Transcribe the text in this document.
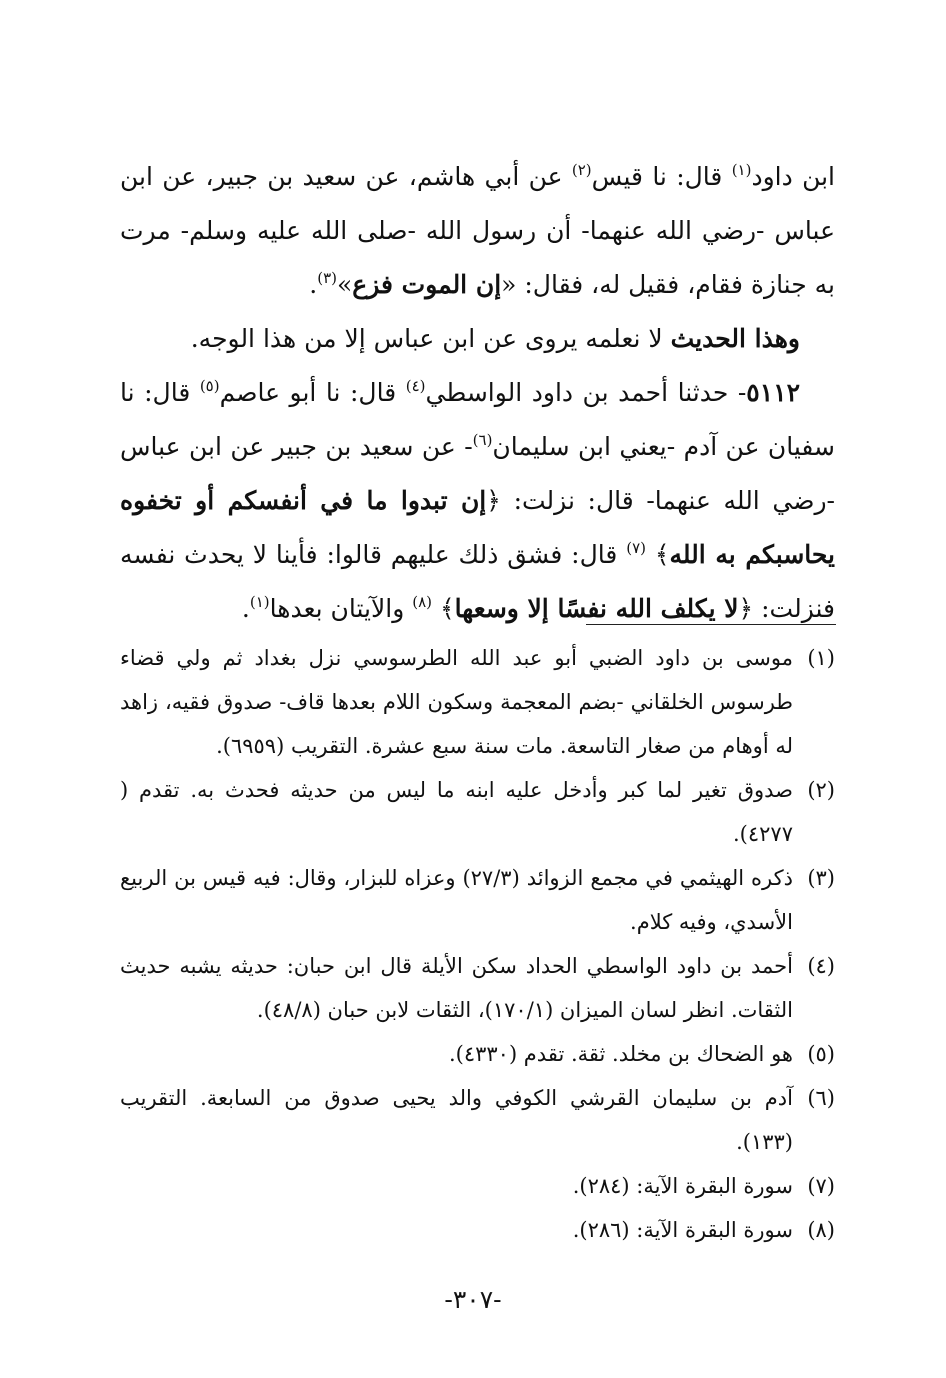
ابن داود$^{(١)}$ قال: نا قيس$^{(٢)}$ عن أبي هاشم، عن سعيد بن جبير، عن ابن عباس -رضي الله عنهما- أن رسول الله -صلى الله عليه وسلم- مرت به جنازة فقام، فقيل له، فقال: «إن الموت فزع»$^{(٣)}$.

وهذا الحديث لا نعلمه يروى عن ابن عباس إلا من هذا الوجه.

٥١١٢- حدثنا أحمد بن داود الواسطي$^{(٤)}$ قال: نا أبو عاصم$^{(٥)}$ قال: نا سفيان عن آدم -يعني ابن سليمان$^{(٦)}$- عن سعيد بن جبير عن ابن عباس -رضي الله عنهما- قال: نزلت: ﴿إن تبدوا ما في أنفسكم أو تخفوه يحاسبكم به الله﴾ $^{(٧)}$ قال: فشق ذلك عليهم قالوا: فأينا لا يحدث نفسه فنزلت: ﴿لا يكلف الله نفسًا إلا وسعها﴾ $^{(٨)}$ والآيتان بعدها$^{(١)}$.

(١)
موسى بن داود الضبي أبو عبد الله الطرسوسي نزل بغداد ثم ولي قضاء طرسوس الخلقاني -بضم المعجمة وسكون اللام بعدها قاف- صدوق فقيه، زاهد له أوهام من صغار التاسعة. مات سنة سبع عشرة. التقريب (٦٩٥٩).
(٢)
صدوق تغير لما كبر وأدخل عليه ابنه ما ليس من حديثه فحدث به. تقدم ( ٤٢٧٧).
(٣)
ذكره الهيثمي في مجمع الزوائد (٢٧/٣) وعزاه للبزار، وقال: فيه قيس بن الربيع الأسدي، وفيه كلام.
(٤)
أحمد بن داود الواسطي الحداد سكن الأيلة قال ابن حبان: حديثه يشبه حديث الثقات. انظر لسان الميزان (١٧٠/١)، الثقات لابن حبان (٤٨/٨).
(٥)
هو الضحاك بن مخلد. ثقة. تقدم (٤٣٣٠).
(٦)
آدم بن سليمان القرشي الكوفي والد يحيى صدوق من السابعة. التقريب (١٣٣).
(٧)
سورة البقرة الآية: (٢٨٤).
(٨)
سورة البقرة الآية: (٢٨٦).
-٣٠٧-
